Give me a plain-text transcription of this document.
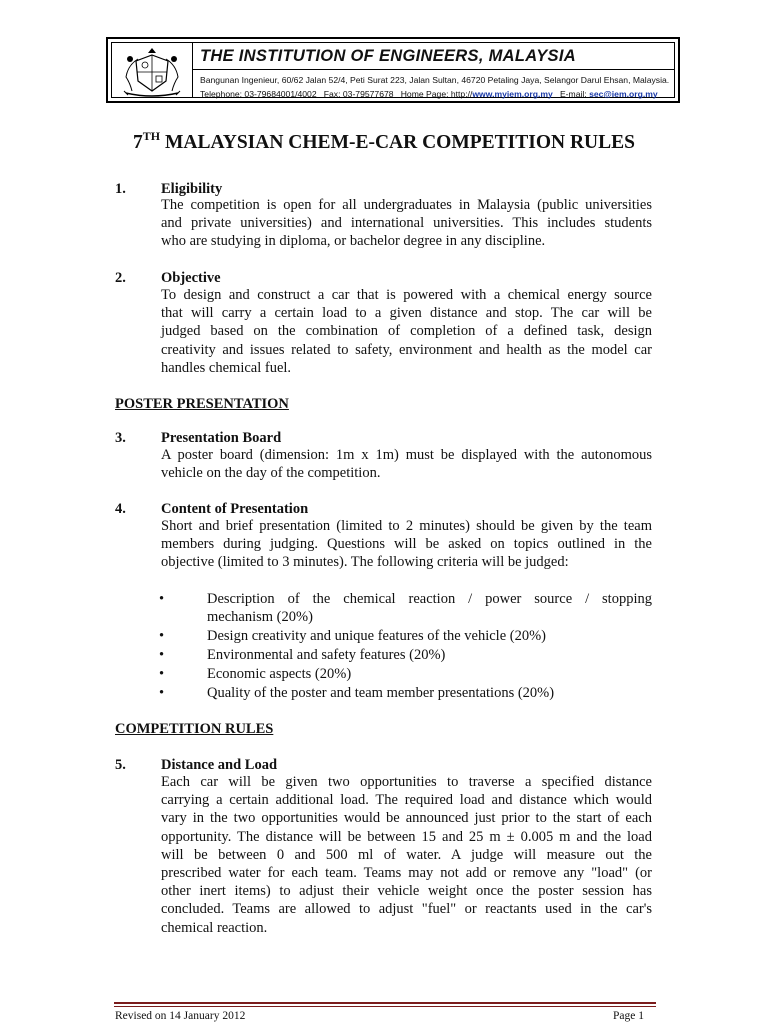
THE INSTITUTION OF ENGINEERS, MALAYSIA
Bangunan Ingenieur, 60/62 Jalan 52/4, Peti Surat 223, Jalan Sultan, 46720 Petaling Jaya, Selangor Darul Ehsan, Malaysia.
Telephone: 03-79684001/4002 Fax: 03-79577678 Home Page: http://www.myiem.org.my E-mail: sec@iem.org.my
7TH MALAYSIAN CHEM-E-CAR COMPETITION RULES
1. Eligibility
The competition is open for all undergraduates in Malaysia (public universities
and private universities) and international universities. This includes students
who are studying in diploma, or bachelor degree in any discipline.
2. Objective
To design and construct a car that is powered with a chemical energy source
that will carry a certain load to a given distance and stop. The car will be
judged based on the combination of completion of a defined task, design
creativity and issues related to safety, environment and health as the model car
handles chemical fuel.
POSTER PRESENTATION
3. Presentation Board
A poster board (dimension: 1m x 1m) must be displayed with the autonomous
vehicle on the day of the competition.
4. Content of Presentation
Short and brief presentation (limited to 2 minutes) should be given by the team
members during judging. Questions will be asked on topics outlined in the
objective (limited to 3 minutes). The following criteria will be judged:
•	Description of the chemical reaction / power source / stopping
mechanism (20%)
•	Design creativity and unique features of the vehicle (20%)
•	Environmental and safety features (20%)
•	Economic aspects (20%)
•	Quality of the poster and team member presentations (20%)
COMPETITION RULES
5. Distance and Load
Each car will be given two opportunities to traverse a specified distance
carrying a certain additional load. The required load and distance which would
vary in the two opportunities would be announced just prior to the start of each
opportunity. The distance will be between 15 and 25 m ± 0.005 m and the load
will be between 0 and 500 ml of water. A judge will measure out the
prescribed water for each team. Teams may not add or remove any "load" (or
other inert items) to adjust their vehicle weight once the poster session has
concluded. Teams are allowed to adjust "fuel" or reactants used in the car's
chemical reaction.
Revised on 14 January 2012	Page 1
